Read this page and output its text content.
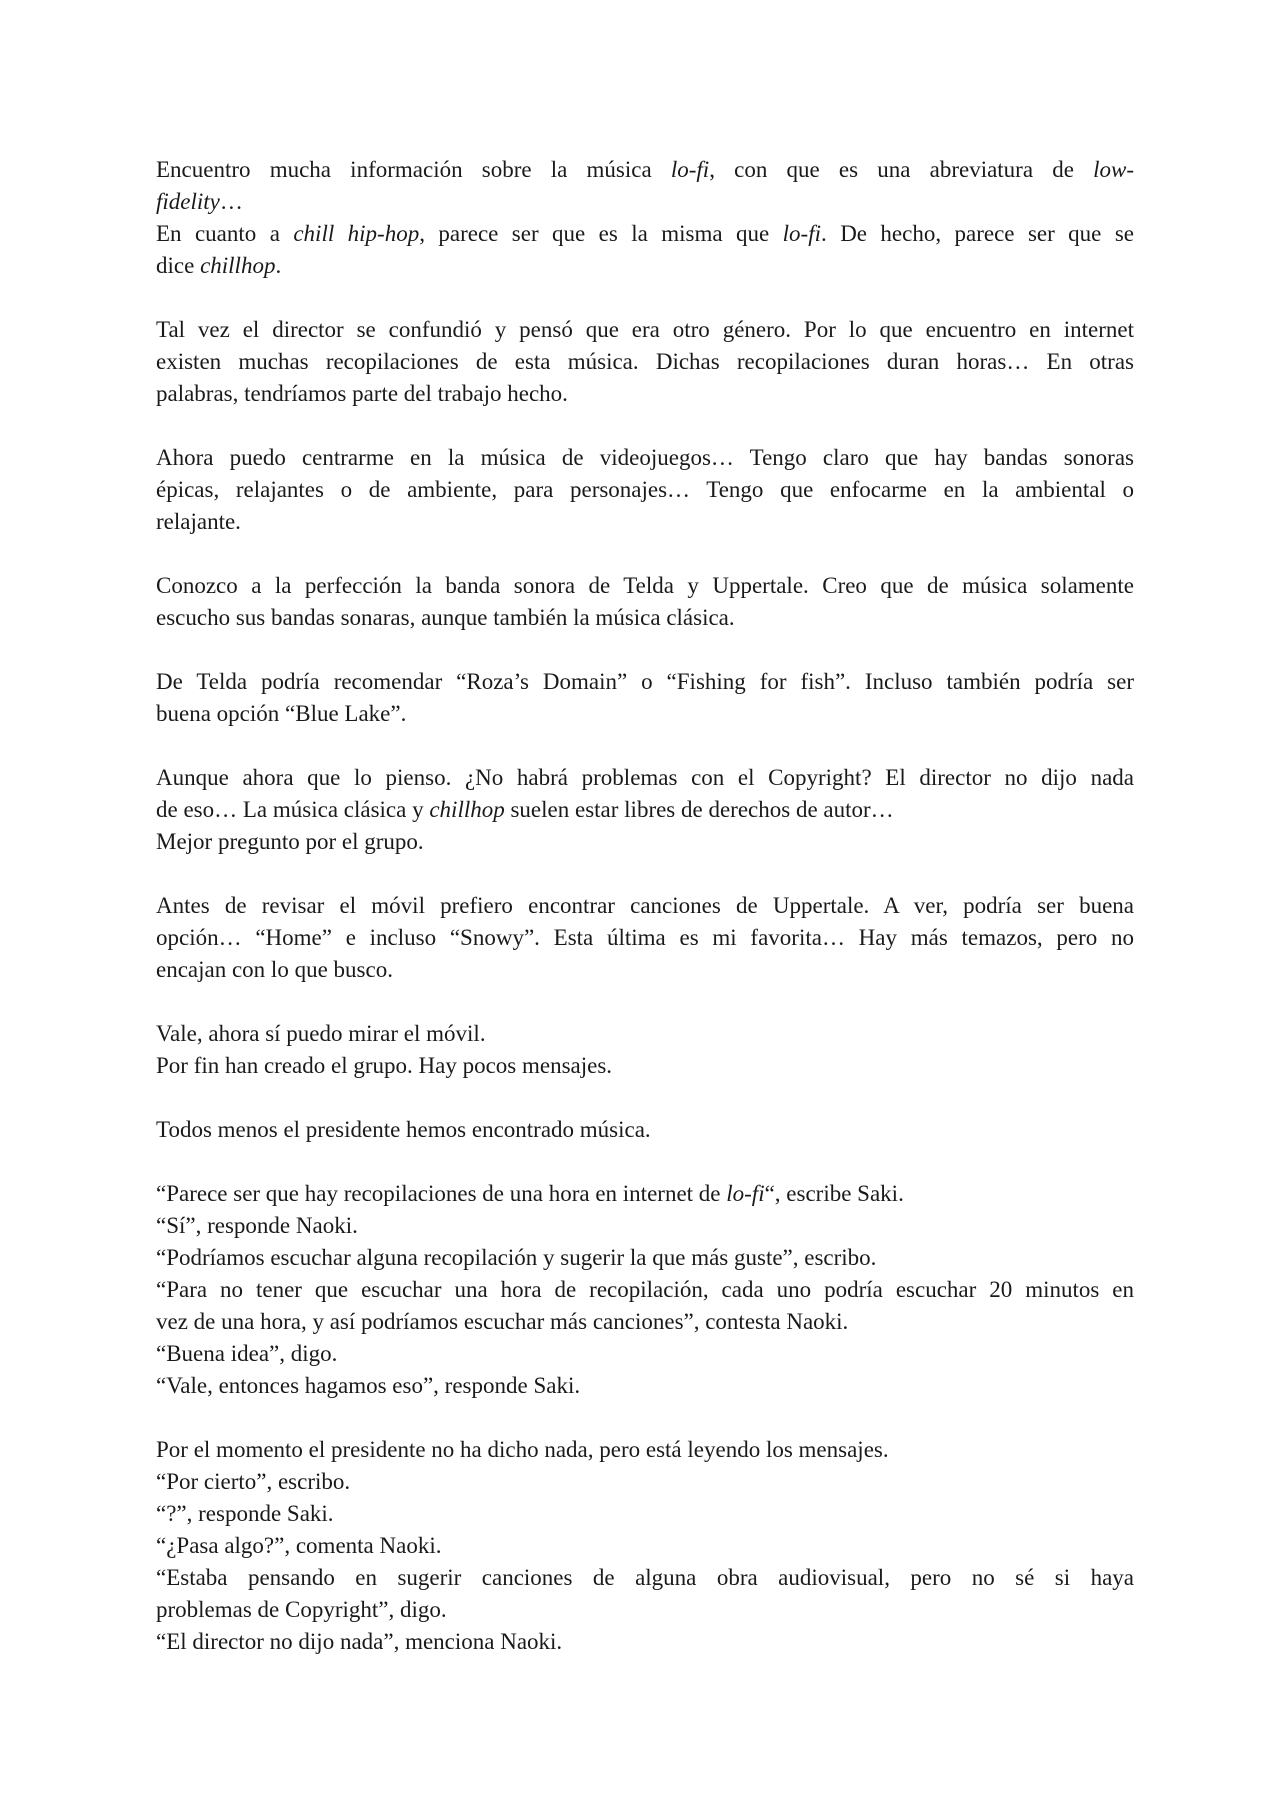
Encuentro mucha información sobre la música lo-fi, con que es una abreviatura de low-
fidelity…
En cuanto a chill hip-hop, parece ser que es la misma que lo-fi. De hecho, parece ser que se
dice chillhop.

Tal vez el director se confundió y pensó que era otro género. Por lo que encuentro en internet
existen muchas recopilaciones de esta música. Dichas recopilaciones duran horas… En otras
palabras, tendríamos parte del trabajo hecho.

Ahora puedo centrarme en la música de videojuegos… Tengo claro que hay bandas sonoras
épicas, relajantes o de ambiente, para personajes… Tengo que enfocarme en la ambiental o
relajante.

Conozco a la perfección la banda sonora de Telda y Uppertale. Creo que de música solamente
escucho sus bandas sonaras, aunque también la música clásica.

De Telda podría recomendar “Roza’s Domain” o “Fishing for fish”. Incluso también podría ser
buena opción “Blue Lake”.

Aunque ahora que lo pienso. ¿No habrá problemas con el Copyright? El director no dijo nada
de eso… La música clásica y chillhop suelen estar libres de derechos de autor…
Mejor pregunto por el grupo.

Antes de revisar el móvil prefiero encontrar canciones de Uppertale. A ver, podría ser buena
opción… “Home” e incluso “Snowy”. Esta última es mi favorita… Hay más temazos, pero no
encajan con lo que busco.

Vale, ahora sí puedo mirar el móvil.
Por fin han creado el grupo. Hay pocos mensajes.

Todos menos el presidente hemos encontrado música.

“Parece ser que hay recopilaciones de una hora en internet de lo-fi“, escribe Saki.
“Sí”, responde Naoki.
“Podríamos escuchar alguna recopilación y sugerir la que más guste”, escribo.
“Para no tener que escuchar una hora de recopilación, cada uno podría escuchar 20 minutos en
vez de una hora, y así podríamos escuchar más canciones”, contesta Naoki.
“Buena idea”, digo.
“Vale, entonces hagamos eso”, responde Saki.

Por el momento el presidente no ha dicho nada, pero está leyendo los mensajes.
“Por cierto”, escribo.
“?”, responde Saki.
“¿Pasa algo?”, comenta Naoki.
“Estaba pensando en sugerir canciones de alguna obra audiovisual, pero no sé si haya
problemas de Copyright”, digo.
“El director no dijo nada”, menciona Naoki.
